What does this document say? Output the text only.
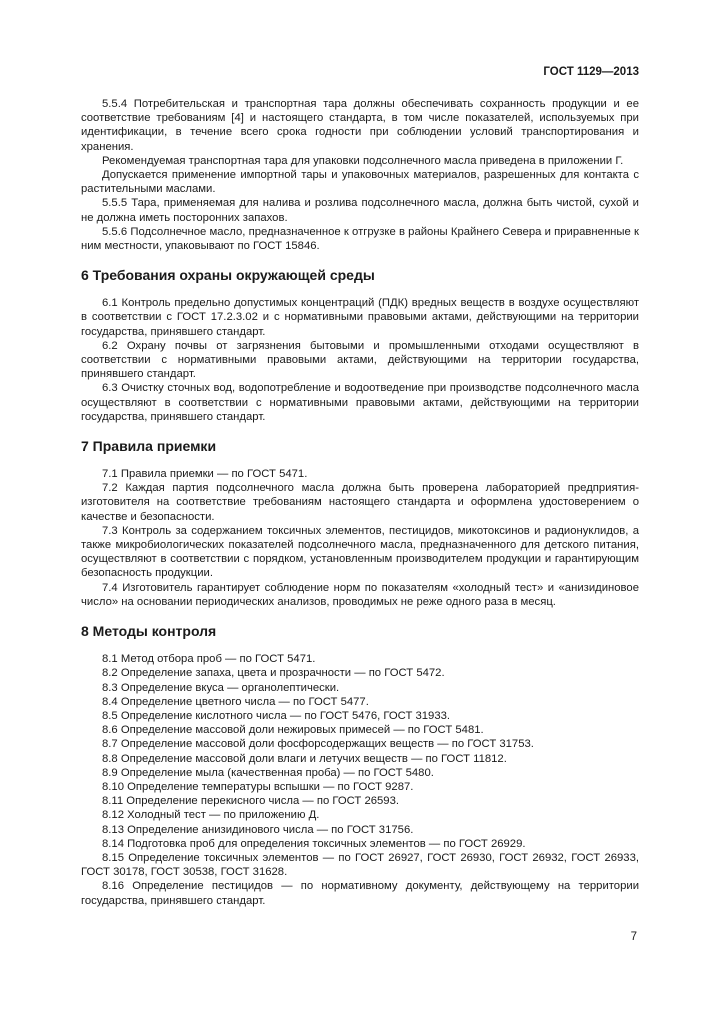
ГОСТ 1129—2013

5.5.4 Потребительская и транспортная тара должны обеспечивать сохранность продукции и ее соответствие требованиям [4] и настоящего стандарта, в том числе показателей, используемых при идентификации, в течение всего срока годности при соблюдении условий транспортирования и хранения.

Рекомендуемая транспортная тара для упаковки подсолнечного масла приведена в приложении Г.

Допускается применение импортной тары и упаковочных материалов, разрешенных для контакта с растительными маслами.

5.5.5 Тара, применяемая для налива и розлива подсолнечного масла, должна быть чистой, сухой и не должна иметь посторонних запахов.

5.5.6 Подсолнечное масло, предназначенное к отгрузке в районы Крайнего Севера и приравненные к ним местности, упаковывают по ГОСТ 15846.

6 Требования охраны окружающей среды

6.1 Контроль предельно допустимых концентраций (ПДК) вредных веществ в воздухе осуществляют в соответствии с ГОСТ 17.2.3.02 и с нормативными правовыми актами, действующими на территории государства, принявшего стандарт.

6.2 Охрану почвы от загрязнения бытовыми и промышленными отходами осуществляют в соответствии с нормативными правовыми актами, действующими на территории государства, принявшего стандарт.

6.3 Очистку сточных вод, водопотребление и водоотведение при производстве подсолнечного масла осуществляют в соответствии с нормативными правовыми актами, действующими на территории государства, принявшего стандарт.

7 Правила приемки

7.1 Правила приемки — по ГОСТ 5471.

7.2 Каждая партия подсолнечного масла должна быть проверена лабораторией предприятия-изготовителя на соответствие требованиям настоящего стандарта и оформлена удостоверением о качестве и безопасности.

7.3 Контроль за содержанием токсичных элементов, пестицидов, микотоксинов и радионуклидов, а также микробиологических показателей подсолнечного масла, предназначенного для детского питания, осуществляют в соответствии с порядком, установленным производителем продукции и гарантирующим безопасность продукции.

7.4 Изготовитель гарантирует соблюдение норм по показателям «холодный тест» и «анизидиновое число» на основании периодических анализов, проводимых не реже одного раза в месяц.

8 Методы контроля

8.1 Метод отбора проб — по ГОСТ 5471.

8.2 Определение запаха, цвета и прозрачности — по ГОСТ 5472.

8.3 Определение вкуса — органолептически.

8.4 Определение цветного числа — по ГОСТ 5477.

8.5 Определение кислотного числа — по ГОСТ 5476, ГОСТ 31933.

8.6 Определение массовой доли нежировых примесей — по ГОСТ 5481.

8.7 Определение массовой доли фосфорсодержащих веществ — по ГОСТ 31753.

8.8 Определение массовой доли влаги и летучих веществ — по ГОСТ 11812.

8.9 Определение мыла (качественная проба) — по ГОСТ 5480.

8.10 Определение температуры вспышки — по ГОСТ 9287.

8.11 Определение перекисного числа — по ГОСТ 26593.

8.12 Холодный тест — по приложению Д.

8.13 Определение анизидинового числа — по ГОСТ 31756.

8.14 Подготовка проб для определения токсичных элементов — по ГОСТ 26929.

8.15 Определение токсичных элементов — по ГОСТ 26927, ГОСТ 26930, ГОСТ 26932, ГОСТ 26933, ГОСТ 30178, ГОСТ 30538, ГОСТ 31628.

8.16 Определение пестицидов — по нормативному документу, действующему на территории государства, принявшего стандарт.

7
